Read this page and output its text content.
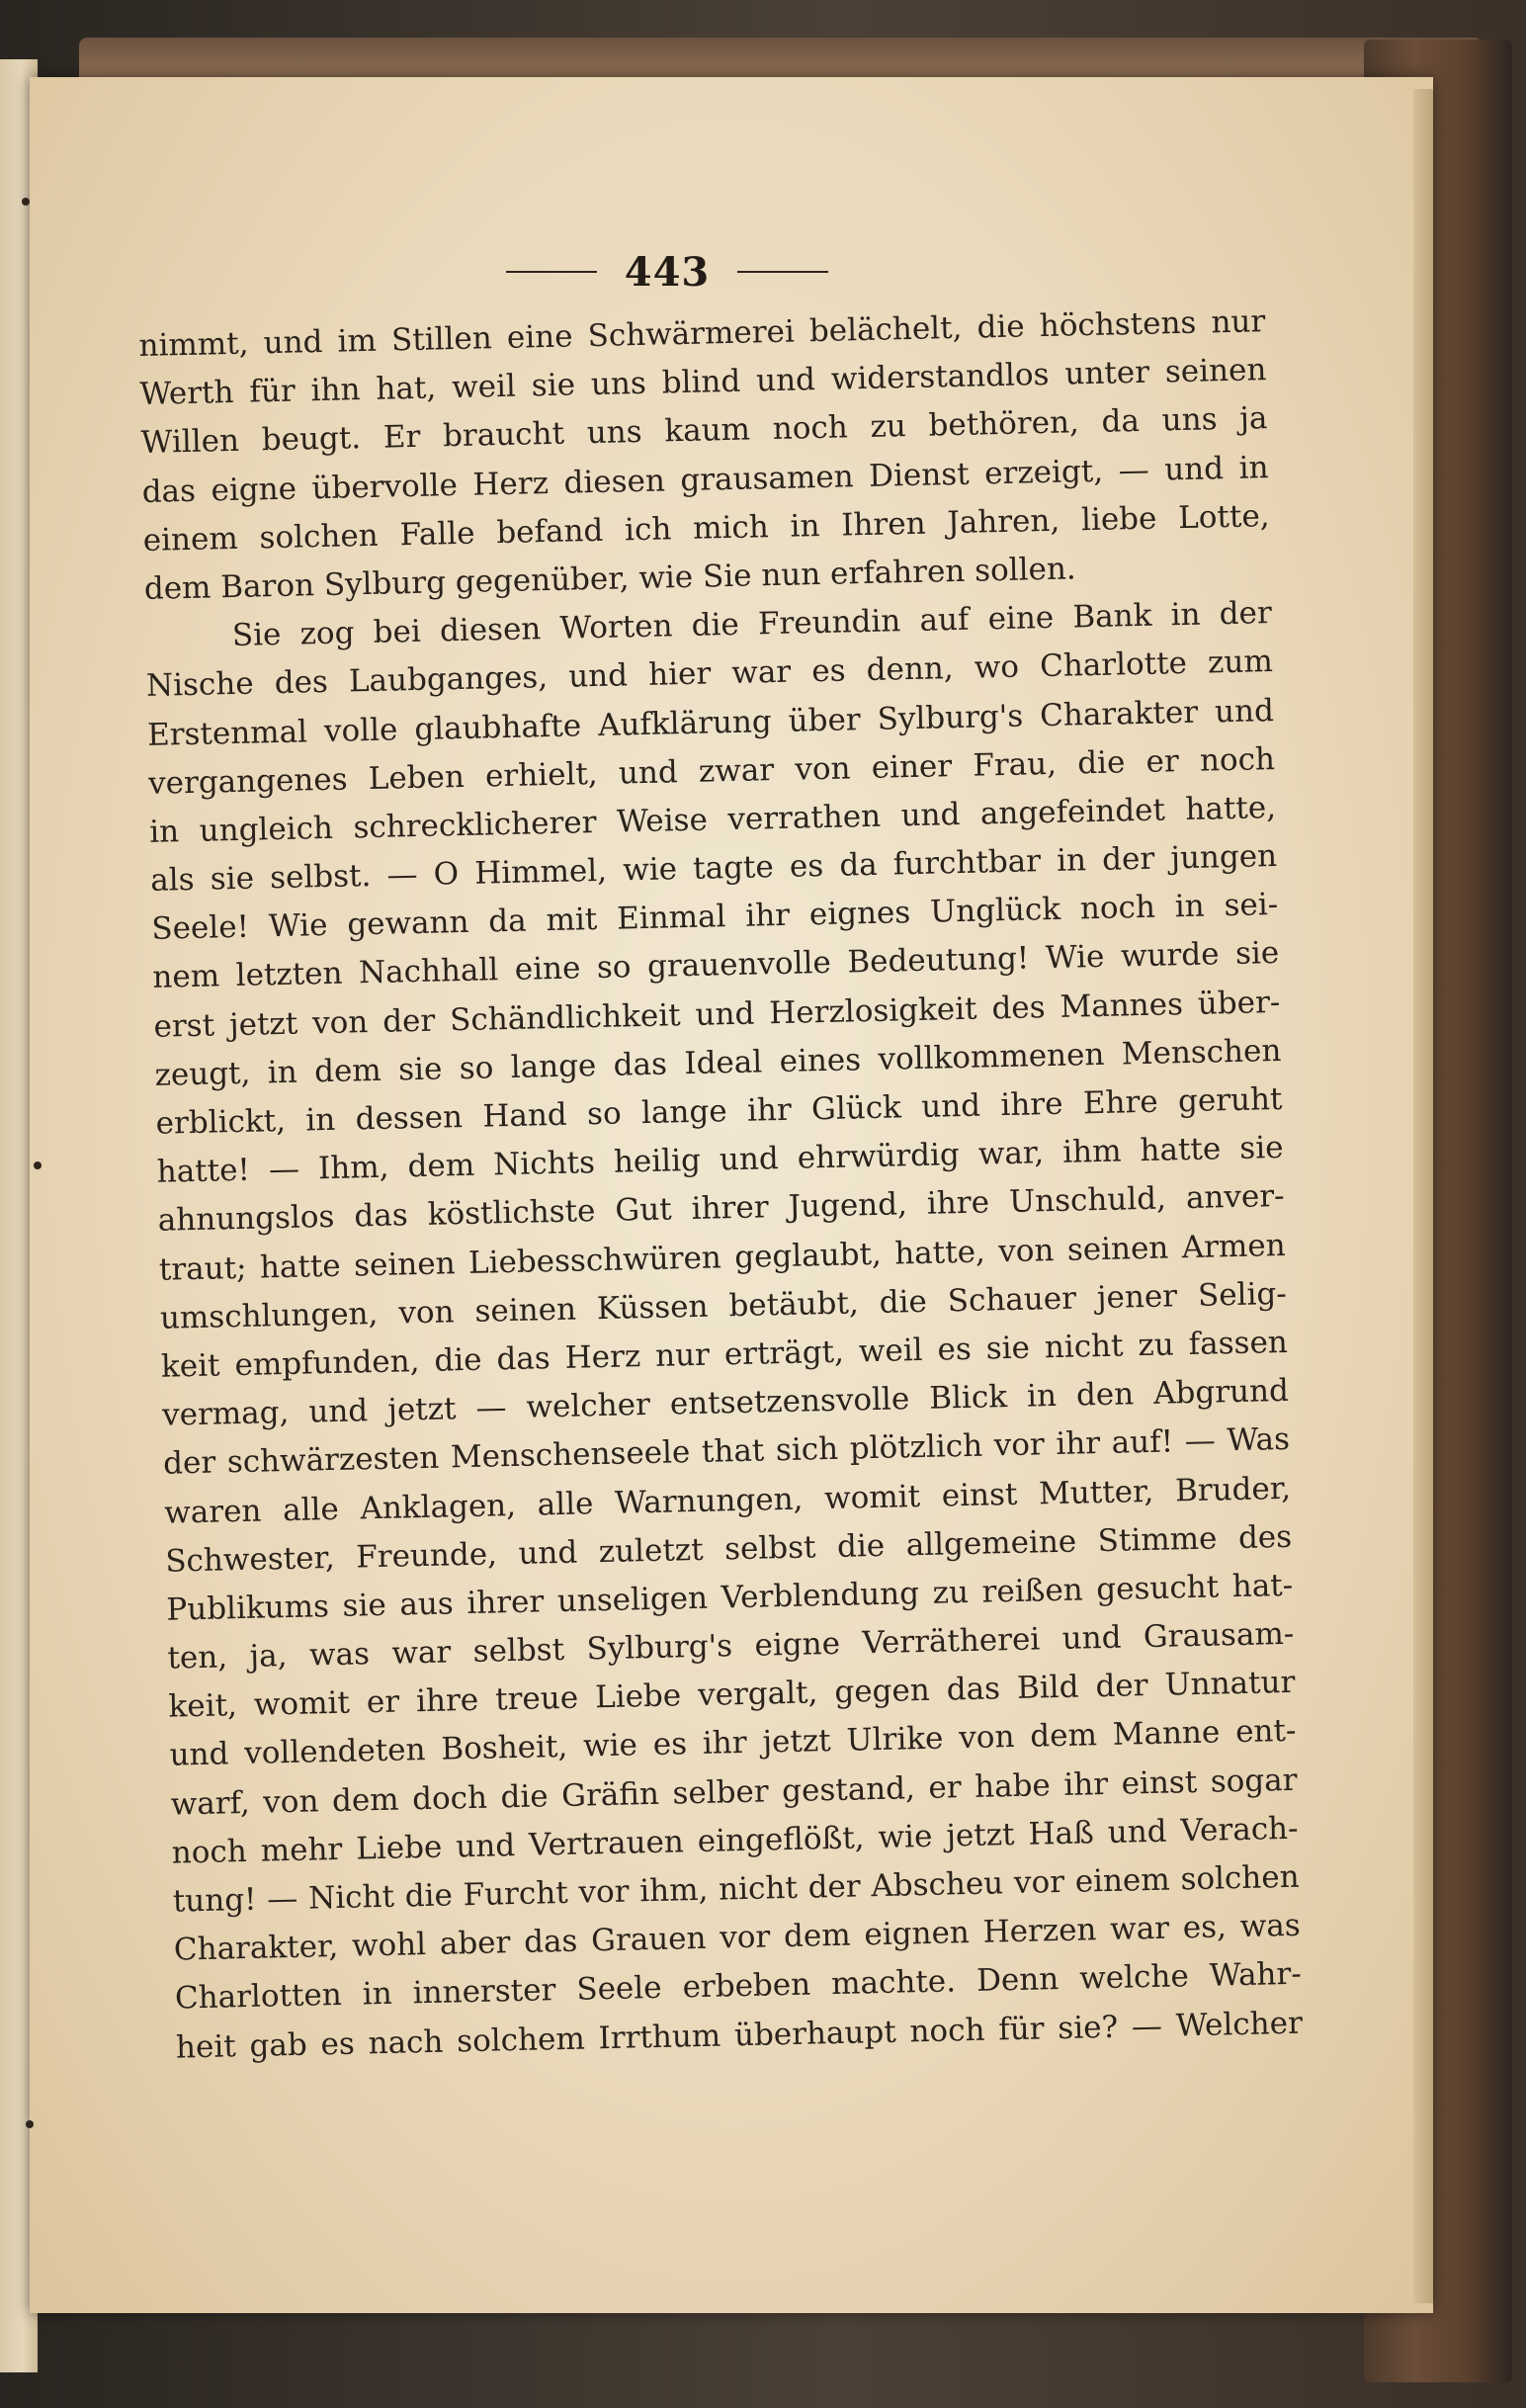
443
nimmt, und im Stillen eine Schwärmerei belächelt, die höchstens nur
Werth für ihn hat, weil sie uns blind und widerstandlos unter seinen
Willen beugt. Er braucht uns kaum noch zu bethören, da uns ja
das eigne übervolle Herz diesen grausamen Dienst erzeigt, — und in
einem solchen Falle befand ich mich in Ihren Jahren, liebe Lotte,
dem Baron Sylburg gegenüber, wie Sie nun erfahren sollen.
Sie zog bei diesen Worten die Freundin auf eine Bank in der
Nische des Laubganges, und hier war es denn, wo Charlotte zum
Erstenmal volle glaubhafte Aufklärung über Sylburg's Charakter und
vergangenes Leben erhielt, und zwar von einer Frau, die er noch
in ungleich schrecklicherer Weise verrathen und angefeindet hatte,
als sie selbst. — O Himmel, wie tagte es da furchtbar in der jungen
Seele! Wie gewann da mit Einmal ihr eignes Unglück noch in sei-
nem letzten Nachhall eine so grauenvolle Bedeutung! Wie wurde sie
erst jetzt von der Schändlichkeit und Herzlosigkeit des Mannes über-
zeugt, in dem sie so lange das Ideal eines vollkommenen Menschen
erblickt, in dessen Hand so lange ihr Glück und ihre Ehre geruht
hatte! — Ihm, dem Nichts heilig und ehrwürdig war, ihm hatte sie
ahnungslos das köstlichste Gut ihrer Jugend, ihre Unschuld, anver-
traut; hatte seinen Liebesschwüren geglaubt, hatte, von seinen Armen
umschlungen, von seinen Küssen betäubt, die Schauer jener Selig-
keit empfunden, die das Herz nur erträgt, weil es sie nicht zu fassen
vermag, und jetzt — welcher entsetzensvolle Blick in den Abgrund
der schwärzesten Menschenseele that sich plötzlich vor ihr auf! — Was
waren alle Anklagen, alle Warnungen, womit einst Mutter, Bruder,
Schwester, Freunde, und zuletzt selbst die allgemeine Stimme des
Publikums sie aus ihrer unseligen Verblendung zu reißen gesucht hat-
ten, ja, was war selbst Sylburg's eigne Verrätherei und Grausam-
keit, womit er ihre treue Liebe vergalt, gegen das Bild der Unnatur
und vollendeten Bosheit, wie es ihr jetzt Ulrike von dem Manne ent-
warf, von dem doch die Gräfin selber gestand, er habe ihr einst sogar
noch mehr Liebe und Vertrauen eingeflößt, wie jetzt Haß und Verach-
tung! — Nicht die Furcht vor ihm, nicht der Abscheu vor einem solchen
Charakter, wohl aber das Grauen vor dem eignen Herzen war es, was
Charlotten in innerster Seele erbeben machte. Denn welche Wahr-
heit gab es nach solchem Irrthum überhaupt noch für sie? — Welcher
